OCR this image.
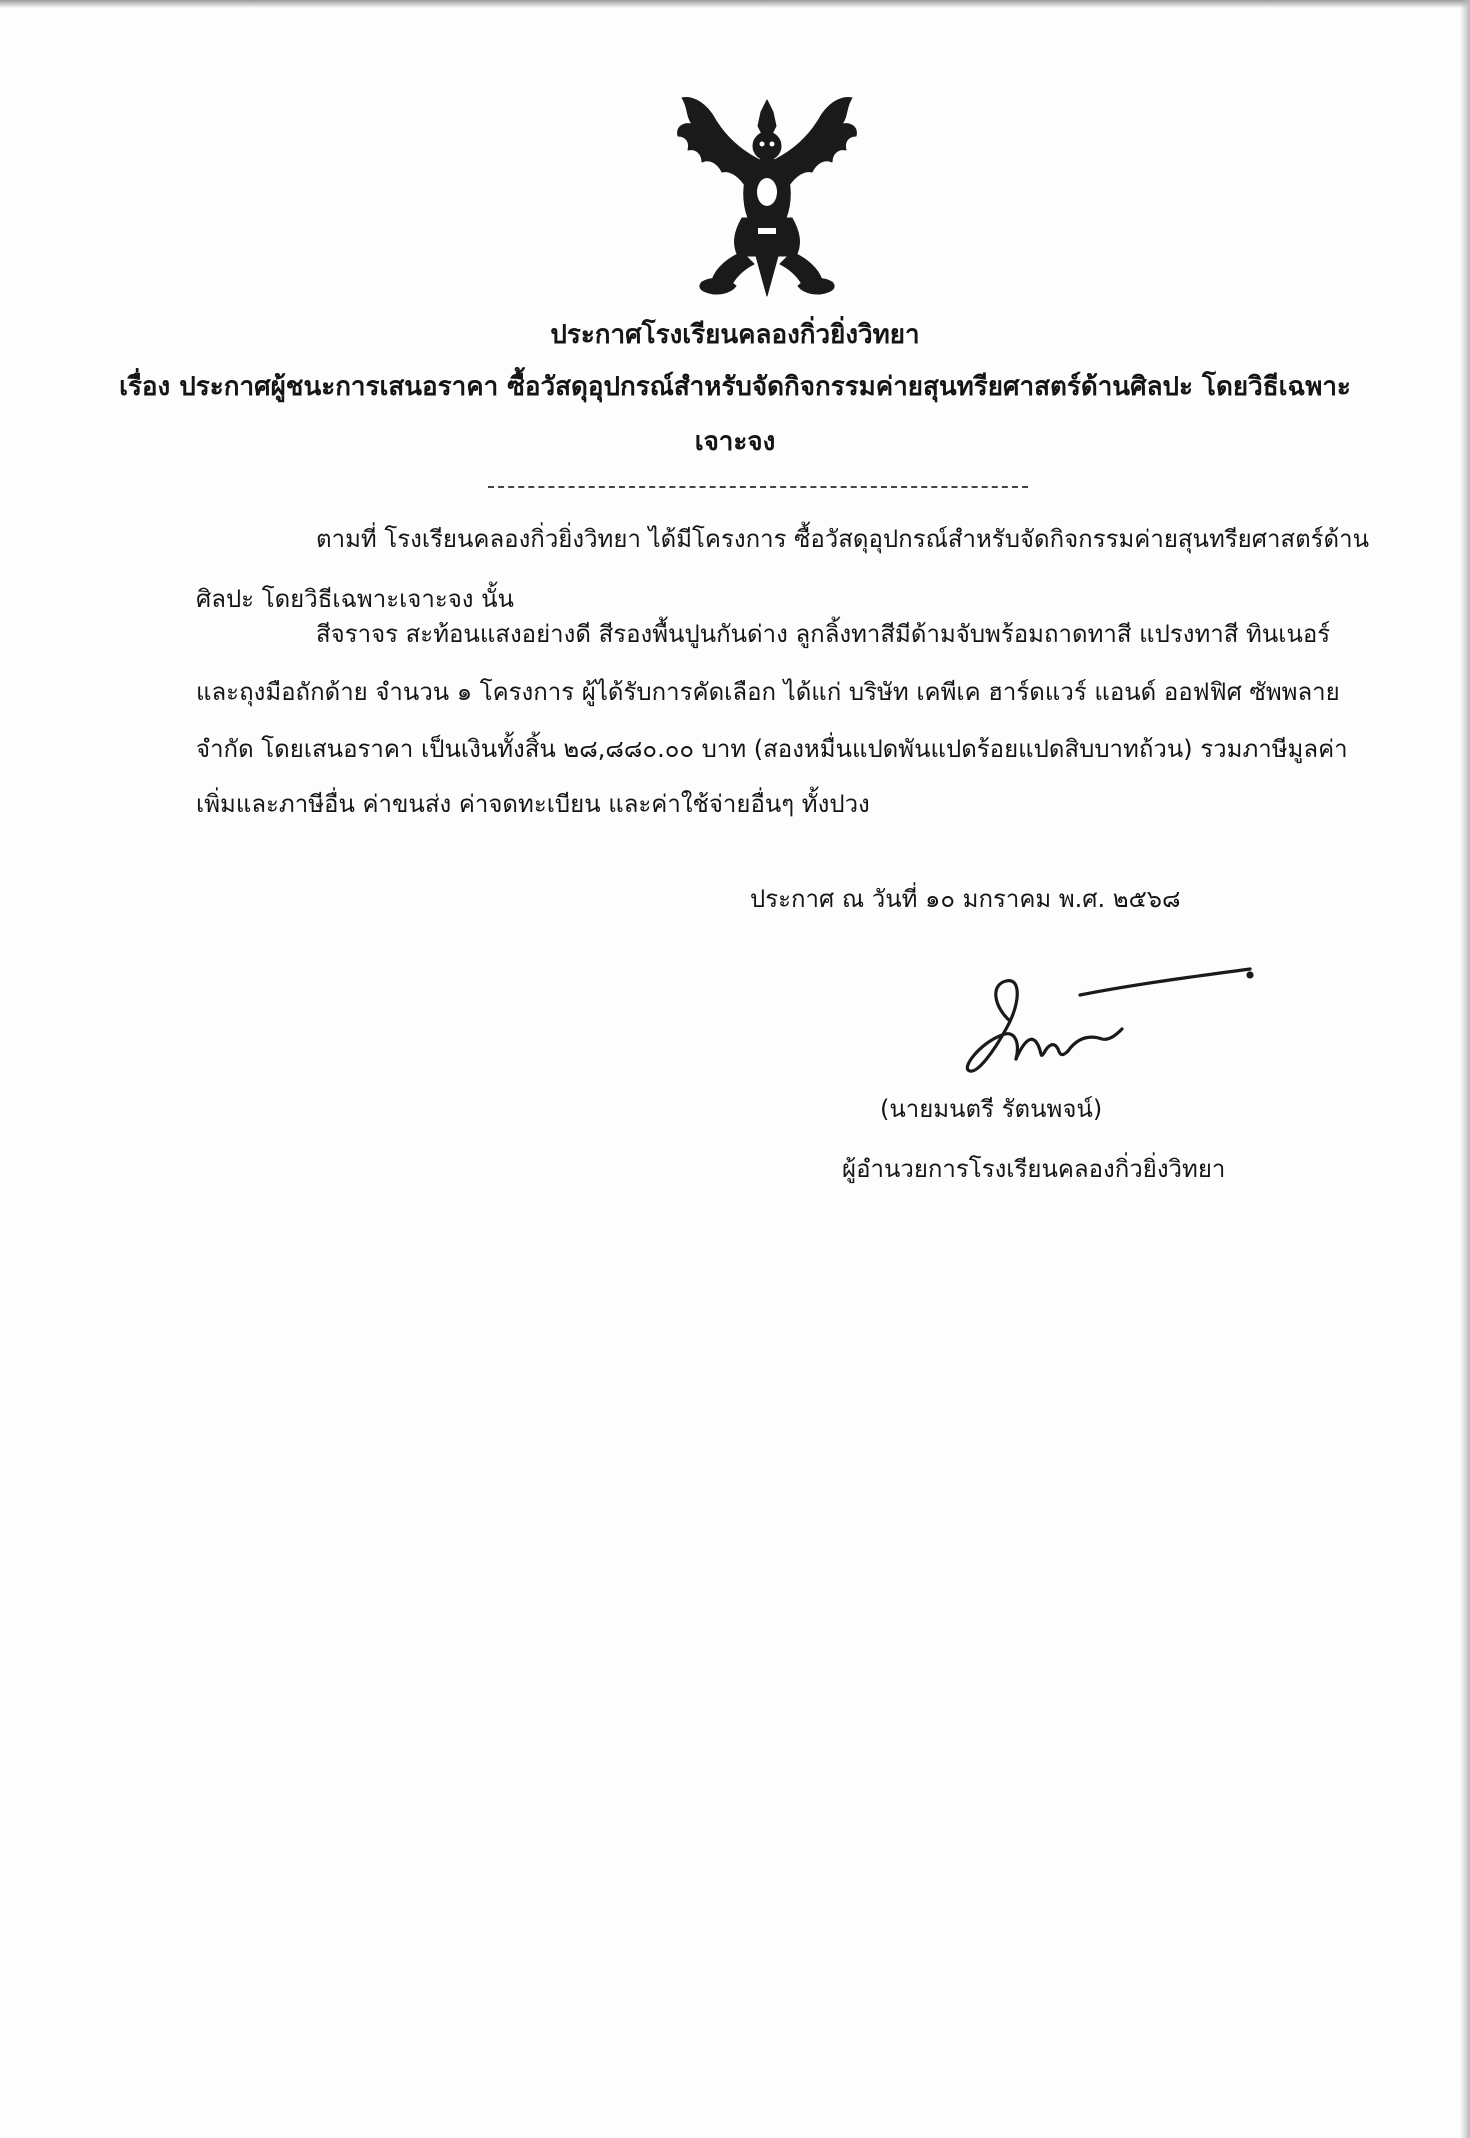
ประกาศโรงเรียนคลองกิ่วยิ่งวิทยา
เรื่อง ประกาศผู้ชนะการเสนอราคา ซื้อวัสดุอุปกรณ์สำหรับจัดกิจกรรมค่ายสุนทรียศาสตร์ด้านศิลปะ โดยวิธีเฉพาะ
เจาะจง
ตามที่ โรงเรียนคลองกิ่วยิ่งวิทยา ได้มีโครงการ ซื้อวัสดุอุปกรณ์สำหรับจัดกิจกรรมค่ายสุนทรียศาสตร์ด้าน
ศิลปะ โดยวิธีเฉพาะเจาะจง นั้น
สีจราจร สะท้อนแสงอย่างดี สีรองพื้นปูนกันด่าง ลูกลิ้งทาสีมีด้ามจับพร้อมถาดทาสี แปรงทาสี ทินเนอร์
และถุงมือถักด้าย จำนวน ๑ โครงการ ผู้ได้รับการคัดเลือก ได้แก่ บริษัท เคพีเค ฮาร์ดแวร์ แอนด์ ออฟฟิศ ซัพพลาย
จำกัด โดยเสนอราคา เป็นเงินทั้งสิ้น ๒๘,๘๘๐.๐๐ บาท (สองหมื่นแปดพันแปดร้อยแปดสิบบาทถ้วน) รวมภาษีมูลค่า
เพิ่มและภาษีอื่น ค่าขนส่ง ค่าจดทะเบียน และค่าใช้จ่ายอื่นๆ ทั้งปวง
ประกาศ ณ วันที่ ๑๐ มกราคม พ.ศ. ๒๕๖๘
(นายมนตรี รัตนพจน์)
ผู้อำนวยการโรงเรียนคลองกิ่วยิ่งวิทยา
